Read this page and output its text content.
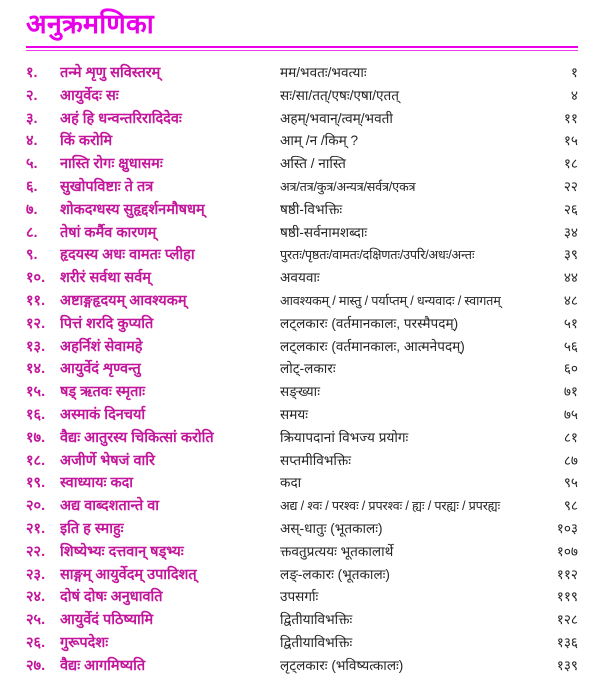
अनुक्रमणिका
१.	तन्मे शृणु सविस्तरम्	मम/भवतः/भवत्याः	१
२.	आयुर्वेदः सः	सः/सा/तत्/एषः/एषा/एतत्	४
३.	अहं हि धन्वन्तरिरादिदेवः	अहम्/भवान्/त्वम्/भवती	११
४.	किं करोमि	आम् /न /किम् ?	१५
५.	नास्ति रोगः क्षुधासमः	अस्ति / नास्ति	१८
६.	सुखोपविष्टाः ते तत्र	अत्र/तत्र/कुत्र/अन्यत्र/सर्वत्र/एकत्र	२२
७.	शोकदग्धस्य सुहृद्दर्शनमौषधम्	षष्ठी-विभक्तिः	२६
८.	तेषां कर्मैव कारणम्	षष्ठी-सर्वनामशब्दाः	३४
९.	हृदयस्य अधः वामतः प्लीहा	पुरतः/पृष्ठतः/वामतः/दक्षिणतः/उपरि/अधः/अन्तः	३९
१०.	शरीरं सर्वथा सर्वम्	अवयवाः	४४
११.	अष्टाङ्गहृदयम् आवश्यकम्	आवश्यकम् / मास्तु / पर्याप्तम् / धन्यवादः / स्वागतम्	४८
१२.	पित्तं शरदि कुप्यति	लट्लकारः (वर्तमानकालः, परस्मैपदम्)	५१
१३.	अहर्निशं सेवामहे	लट्लकारः (वर्तमानकालः, आत्मनेपदम्)	५६
१४.	आयुर्वेदं शृण्वन्तु	लोट्-लकारः	६०
१५.	षड् ऋतवः स्मृताः	सङ्ख्याः	७१
१६.	अस्माकं दिनचर्या	समयः	७५
१७.	वैद्यः आतुरस्य चिकित्सां करोति	क्रियापदानां विभज्य प्रयोगः	८१
१८.	अजीर्णे भेषजं वारि	सप्तमीविभक्तिः	८७
१९.	स्वाध्यायः कदा	कदा	९५
२०.	अद्य वाब्दशतान्ते वा	अद्य / श्वः / परश्वः / प्रपरश्वः / ह्यः / परह्यः / प्रपरह्यः	९८
२१.	इति ह स्माहुः	अस्-धातुः (भूतकालः)	१०३
२२.	शिष्येभ्यः दत्तवान् षड्भ्यः	क्तवतुप्रत्ययः भूतकालार्थे	१०७
२३.	साङ्गम् आयुर्वेदम् उपादिशत्	लङ्-लकारः (भूतकालः)	११२
२४.	दोषं दोषः अनुधावति	उपसर्गाः	११९
२५.	आयुर्वेदं पठिष्यामि	द्वितीयाविभक्तिः	१२८
२६.	गुरूपदेशः	द्वितीयाविभक्तिः	१३६
२७.	वैद्यः आगमिष्यति	लृट्लकारः (भविष्यत्कालः)	१३९
